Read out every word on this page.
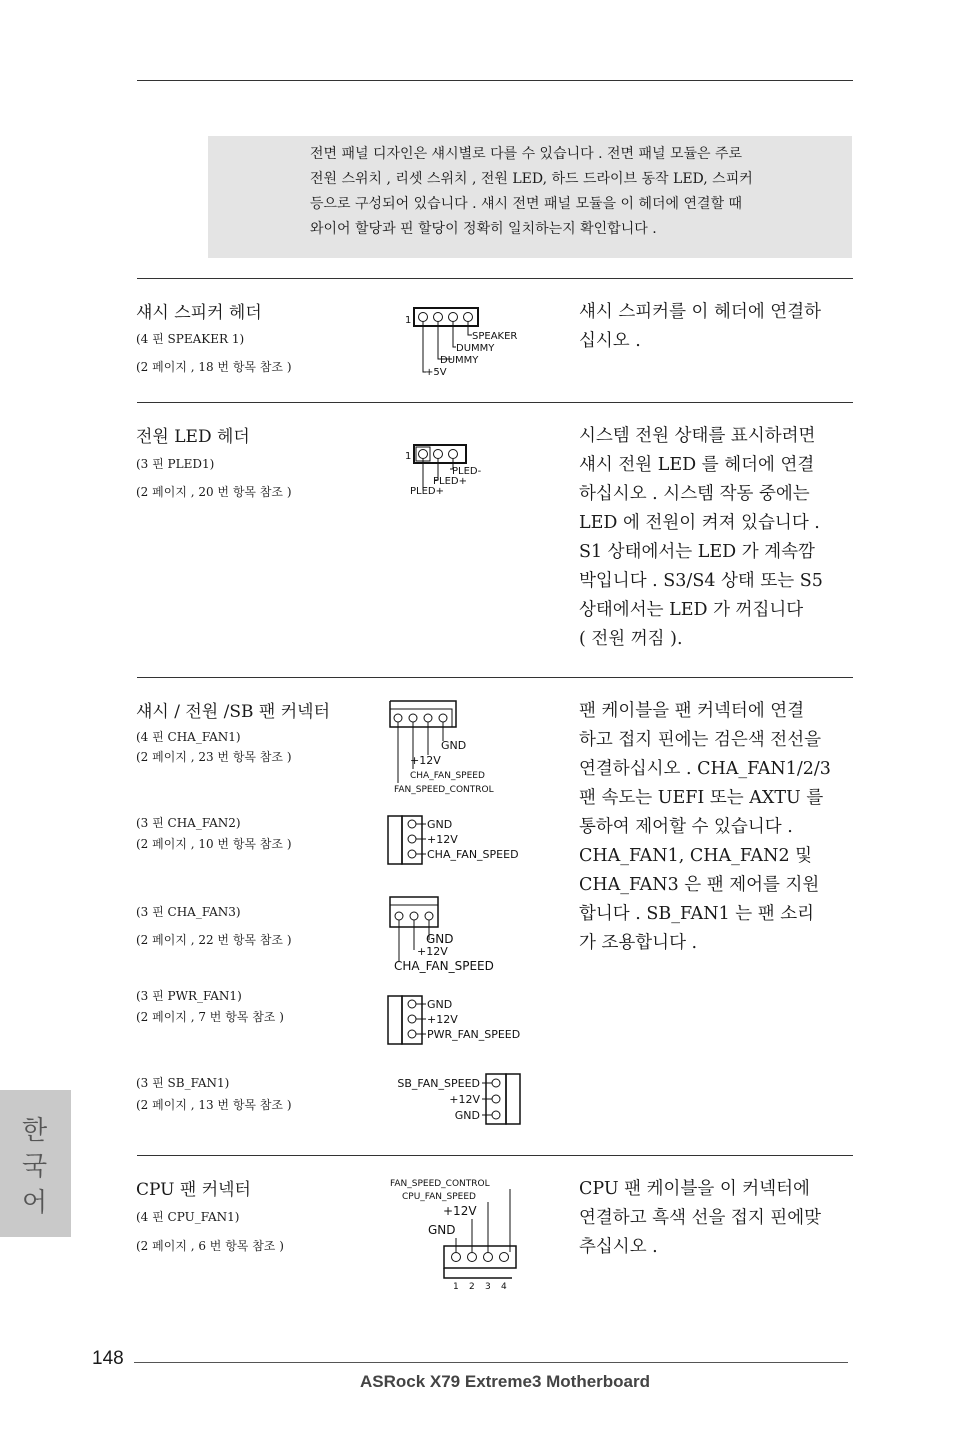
전면 패널 디자인은 섀시별로 다를 수 있습니다 . 전면 패널 모듈은 주로
전원 스위치 , 리셋 스위치 , 전원 LED, 하드 드라이브 동작 LED, 스피커
등으로 구성되어 있습니다 . 섀시 전면 패널 모듈을 이 헤더에 연결할 때
와이어 할당과 핀 할당이 정확히 일치하는지 확인합니다 .
섀시 스피커 헤더
(4 핀 SPEAKER 1)
(2 페이지 , 18 번 항목 참조 )
1
SPEAKER
DUMMY
DUMMY
+5V
섀시 스피커를 이 헤더에 연결하
십시오 .
전원 LED 헤더
(3 핀 PLED1)
(2 페이지 , 20 번 항목 참조 )
1
PLED-
PLED+
PLED+
시스템 전원 상태를 표시하려면
섀시 전원 LED 를 헤더에 연결
하십시오 . 시스템 작동 중에는
LED 에 전원이 켜져 있습니다 .
S1 상태에서는 LED 가 계속깜
박입니다 . S3/S4 상태 또는 S5
상태에서는 LED 가 꺼집니다
( 전원 꺼짐 ).
섀시 / 전원 /SB 팬 커넥터
(4 핀 CHA_FAN1)
(2 페이지 , 23 번 항목 참조 )
(3 핀 CHA_FAN2)
(2 페이지 , 10 번 항목 참조 )
(3 핀 CHA_FAN3)
(2 페이지 , 22 번 항목 참조 )
(3 핀 PWR_FAN1)
(2 페이지 , 7 번 항목 참조 )
(3 핀 SB_FAN1)
(2 페이지 , 13 번 항목 참조 )
GND
+12V
CHA_FAN_SPEED
FAN_SPEED_CONTROL
GND
+12V
CHA_FAN_SPEED
GND
+12V
CHA_FAN_SPEED
GND
+12V
PWR_FAN_SPEED
SB_FAN_SPEED
+12V
GND
팬 케이블을 팬 커넥터에 연결
하고 접지 핀에는 검은색 전선을
연결하십시오 . CHA_FAN1/2/3
팬 속도는 UEFI 또는 AXTU 를
통하여 제어할 수 있습니다 .
CHA_FAN1, CHA_FAN2 및
CHA_FAN3 은 팬 제어를 지원
합니다 . SB_FAN1 는 팬 소리
가 조용합니다 .
CPU 팬 커넥터
(4 핀 CPU_FAN1)
(2 페이지 , 6 번 항목 참조 )
FAN_SPEED_CONTROL
CPU_FAN_SPEED
+12V
GND
1 2 3 4
CPU 팬 케이블을 이 커넥터에
연결하고 흑색 선을 접지 핀에맞
추십시오 .
한
국
어
148
ASRock X79 Extreme3 Motherboard
